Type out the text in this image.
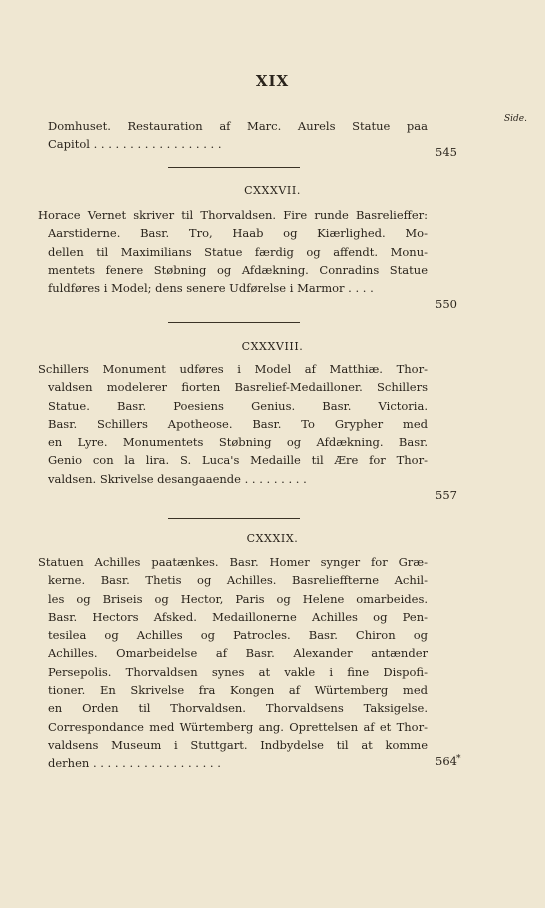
XIX
Side.
Domhuset. Restauration af Marc. Aurels Statue paa
Capitol . . . . . . . . . . . . . . . . . .
545
CXXXVII.
Horace Vernet skriver til Thorvaldsen. Fire runde Basrelieffer:
Aarstiderne. Basr. Tro, Haab og Kiærlighed. Mo-
dellen til Maximilians Statue færdig og affendt. Monu-
mentets fenere Støbning og Afdækning. Conradins Statue
fuldføres i Model; dens senere Udførelse i Marmor . . . .
550
CXXXVIII.
Schillers Monument udføres i Model af Matthiæ. Thor-
valdsen modelerer fiorten Basrelief-Medailloner. Schillers
Statue. Basr. Poesiens Genius. Basr. Victoria.
Basr. Schillers Apotheose. Basr. To Grypher med
en Lyre. Monumentets Støbning og Afdækning. Basr.
Genio con la lira. S. Luca's Medaille til Ære for Thor-
valdsen. Skrivelse desangaaende . . . . . . . . .
557
CXXXIX.
Statuen Achilles paatænkes. Basr. Homer synger for Græ-
kerne. Basr. Thetis og Achilles. Basrelieffterne Achil-
les og Briseis og Hector, Paris og Helene omarbeides.
Basr. Hectors Afsked. Medaillonerne Achilles og Pen-
tesilea og Achilles og Patrocles. Basr. Chiron og
Achilles. Omarbeidelse af Basr. Alexander antænder
Persepolis. Thorvaldsen synes at vakle i fine Dispofi-
tioner. En Skrivelse fra Kongen af Würtemberg med
en Orden til Thorvaldsen. Thorvaldsens Taksigelse.
Correspondance med Würtemberg ang. Oprettelsen af et Thor-
valdsens Museum i Stuttgart. Indbydelse til at komme
derhen . . . . . . . . . . . . . . . . . .	564 *
